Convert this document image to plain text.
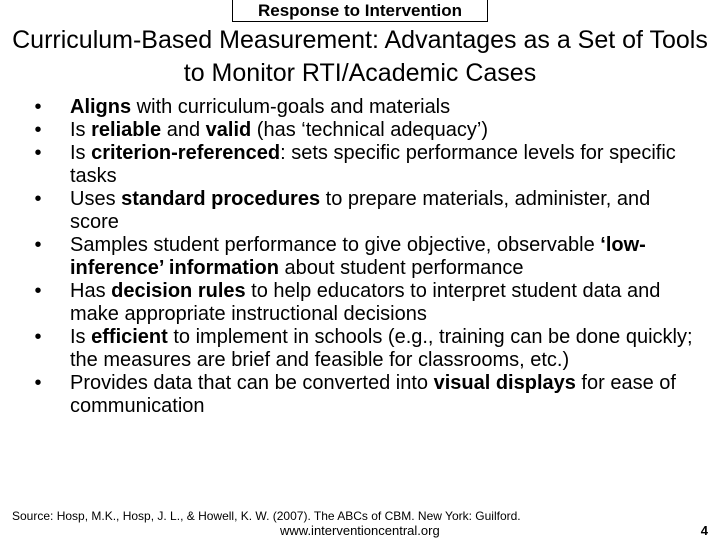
Response to Intervention
Curriculum-Based Measurement: Advantages as a Set of Tools to Monitor RTI/Academic Cases
•	Aligns with curriculum-goals and materials
•	Is reliable and valid (has ‘technical adequacy’)
•	Is criterion-referenced: sets specific performance levels for specific tasks
•	Uses standard procedures to prepare materials, administer, and score
•	Samples student performance to give objective, observable ‘low-inference’ information about student performance
•	Has decision rules to help educators to interpret student data and make appropriate instructional decisions
•	Is efficient to implement in schools (e.g., training can be done quickly; the measures are brief and feasible for classrooms, etc.)
•	Provides data that can be converted into visual displays for ease of communication
Source: Hosp, M.K., Hosp, J. L., & Howell, K. W. (2007). The ABCs of CBM. New York: Guilford.
www.interventioncentral.org	4
